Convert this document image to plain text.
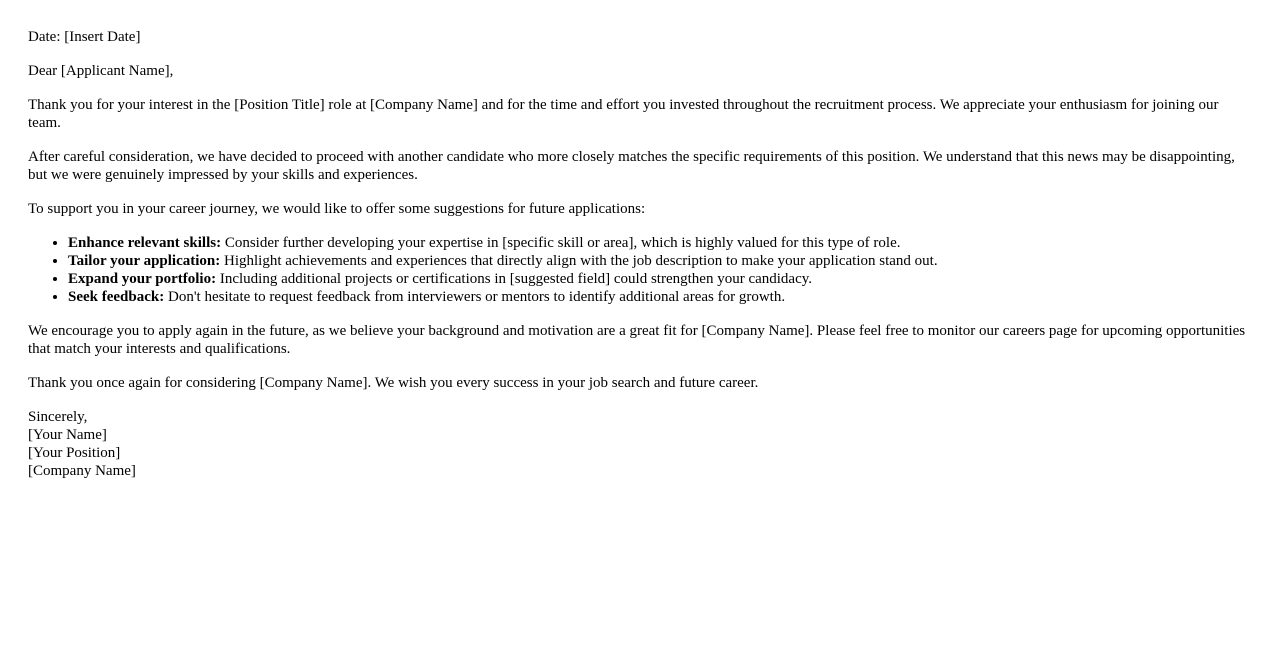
Date: [Insert Date]

Dear [Applicant Name],

Thank you for your interest in the [Position Title] role at [Company Name] and for the time and effort you invested throughout the recruitment process. We appreciate your enthusiasm for joining our team.

After careful consideration, we have decided to proceed with another candidate who more closely matches the specific requirements of this position. We understand that this news may be disappointing, but we were genuinely impressed by your skills and experiences.

To support you in your career journey, we would like to offer some suggestions for future applications:

• Enhance relevant skills: Consider further developing your expertise in [specific skill or area], which is highly valued for this type of role.
• Tailor your application: Highlight achievements and experiences that directly align with the job description to make your application stand out.
• Expand your portfolio: Including additional projects or certifications in [suggested field] could strengthen your candidacy.
• Seek feedback: Don't hesitate to request feedback from interviewers or mentors to identify additional areas for growth.

We encourage you to apply again in the future, as we believe your background and motivation are a great fit for [Company Name]. Please feel free to monitor our careers page for upcoming opportunities that match your interests and qualifications.

Thank you once again for considering [Company Name]. We wish you every success in your job search and future career.

Sincerely,
[Your Name]
[Your Position]
[Company Name]
